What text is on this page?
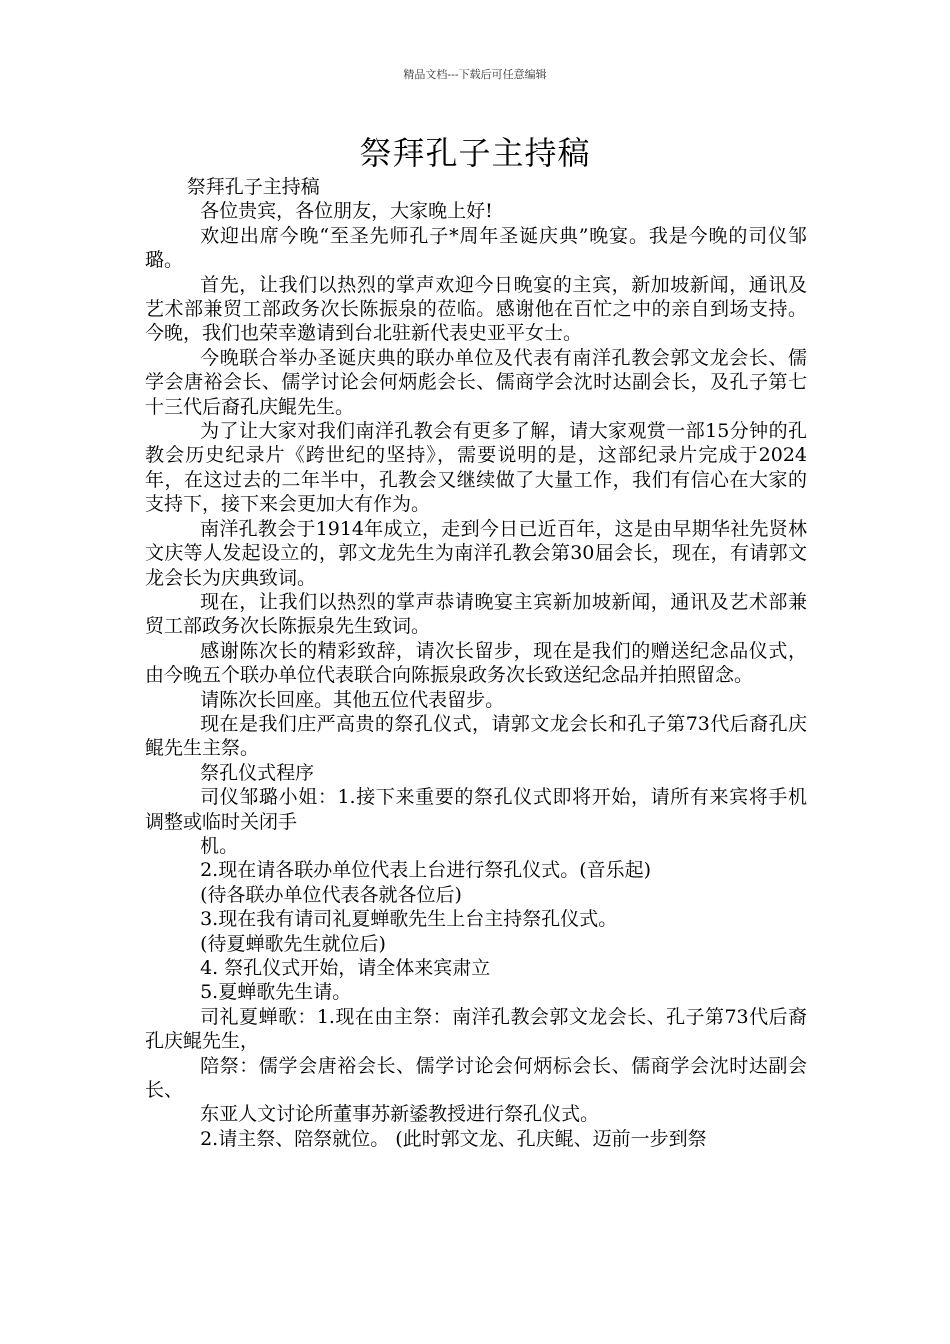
精品文档---下载后可任意编辑
祭拜孔子主持稿

祭拜孔子主持稿

各位贵宾，各位朋友，大家晚上好!

欢迎出席今晚“至圣先师孔子*周年圣诞庆典”晚宴。我是今晚的司仪邹璐。

首先，让我们以热烈的掌声欢迎今日晚宴的主宾，新加坡新闻，通讯及艺术部兼贸工部政务次长陈振泉的莅临。感谢他在百忙之中的亲自到场支持。今晚，我们也荣幸邀请到台北驻新代表史亚平女士。

今晚联合举办圣诞庆典的联办单位及代表有南洋孔教会郭文龙会长、儒学会唐裕会长、儒学讨论会何炳彪会长、儒商学会沈时达副会长，及孔子第七十三代后裔孔庆鲲先生。

为了让大家对我们南洋孔教会有更多了解，请大家观赏一部15分钟的孔教会历史纪录片《跨世纪的坚持》，需要说明的是，这部纪录片完成于2024年，在这过去的二年半中，孔教会又继续做了大量工作，我们有信心在大家的支持下，接下来会更加大有作为。

南洋孔教会于1914年成立，走到今日已近百年，这是由早期华社先贤林文庆等人发起设立的，郭文龙先生为南洋孔教会第30届会长，现在，有请郭文龙会长为庆典致词。

现在，让我们以热烈的掌声恭请晚宴主宾新加坡新闻，通讯及艺术部兼贸工部政务次长陈振泉先生致词。

感谢陈次长的精彩致辞，请次长留步，现在是我们的赠送纪念品仪式，由今晚五个联办单位代表联合向陈振泉政务次长致送纪念品并拍照留念。

请陈次长回座。其他五位代表留步。

现在是我们庄严高贵的祭孔仪式，请郭文龙会长和孔子第73代后裔孔庆鲲先生主祭。

祭孔仪式程序

司仪邹璐小姐：1.接下来重要的祭孔仪式即将开始，请所有来宾将手机调整或临时关闭手

机。

2.现在请各联办单位代表上台进行祭孔仪式。(音乐起)

(待各联办单位代表各就各位后)

3.现在我有请司礼夏蝉歌先生上台主持祭孔仪式。

(待夏蝉歌先生就位后)

4. 祭孔仪式开始，请全体来宾肃立

5.夏蝉歌先生请。

司礼夏蝉歌：1.现在由主祭：南洋孔教会郭文龙会长、孔子第73代后裔孔庆鲲先生，

陪祭：儒学会唐裕会长、儒学讨论会何炳标会长、儒商学会沈时达副会长、

东亚人文讨论所董事苏新鋈教授进行祭孔仪式。

2.请主祭、陪祭就位。 (此时郭文龙、孔庆鲲、迈前一步到祭
